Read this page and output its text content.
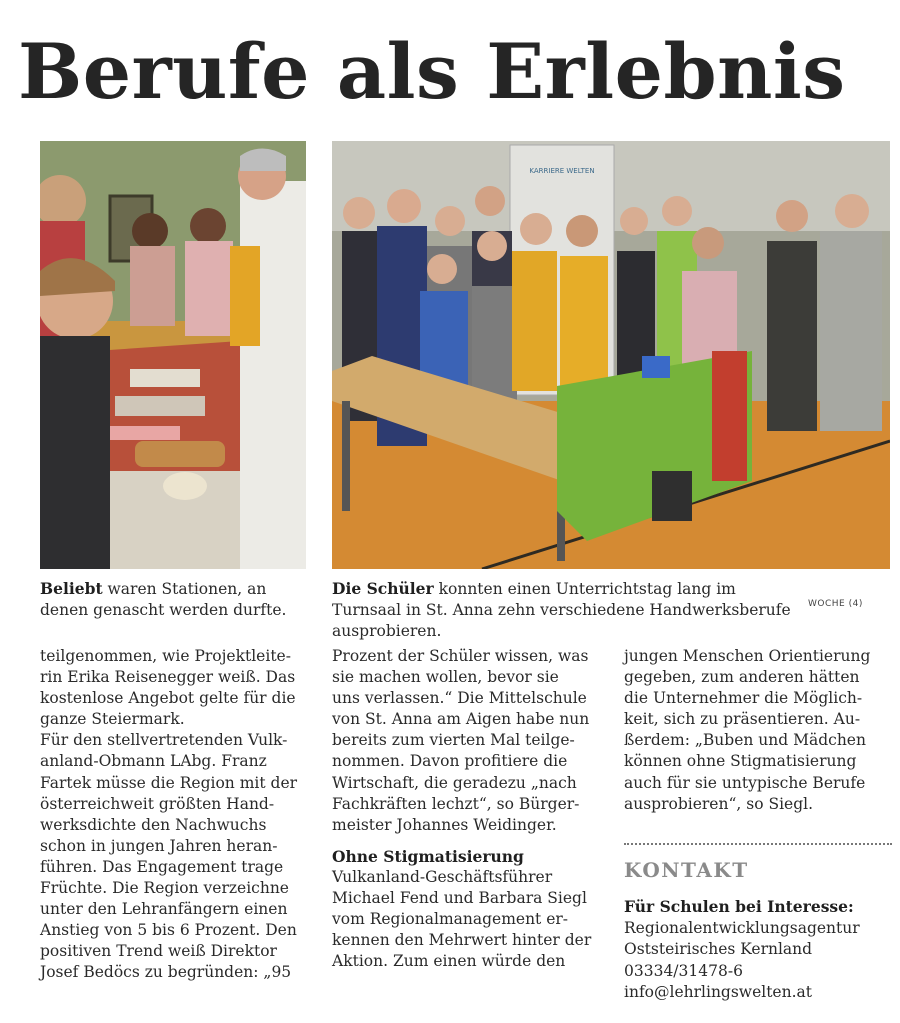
Berufe als Erlebnis
KARRIERE WELTEN
Beliebt waren Stationen, an denen genascht werden durfte.
Die Schüler konnten einen Unterrichtstag lang im Turnsaal in St. Anna zehn verschiedene Handwerksberufe ausprobieren.
WOCHE (4)
teilgenommen, wie Projektleite-
rin Erika Reisenegger weiß. Das
kostenlose Angebot gelte für die
ganze Steiermark.
Für den stellvertretenden Vulk-
anland-Obmann LAbg. Franz
Fartek müsse die Region mit der
österreichweit größten Hand-
werksdichte den Nachwuchs
schon in jungen Jahren heran-
führen. Das Engagement trage
Früchte. Die Region verzeichne
unter den Lehranfängern einen
Anstieg von 5 bis 6 Prozent. Den
positiven Trend weiß Direktor
Josef Bedöcs zu begründen: „95
Prozent der Schüler wissen, was
sie machen wollen, bevor sie
uns verlassen.“ Die Mittelschule
von St. Anna am Aigen habe nun
bereits zum vierten Mal teilge-
nommen. Davon profitiere die
Wirtschaft, die geradezu „nach
Fachkräften lechzt“, so Bürger-
meister Johannes Weidinger.
Ohne Stigmatisierung
Vulkanland-Geschäftsführer
Michael Fend und Barbara Siegl
vom Regionalmanagement er-
kennen den Mehrwert hinter der
Aktion. Zum einen würde den
jungen Menschen Orientierung
gegeben, zum anderen hätten
die Unternehmer die Möglich-
keit, sich zu präsentieren. Au-
ßerdem: „Buben und Mädchen
können ohne Stigmatisierung
auch für sie untypische Berufe
ausprobieren“, so Siegl.
KONTAKT
Für Schulen bei Interesse:
Regionalentwicklungsagentur
Oststeirisches Kernland
03334/31478-6
info@lehrlingswelten.at
